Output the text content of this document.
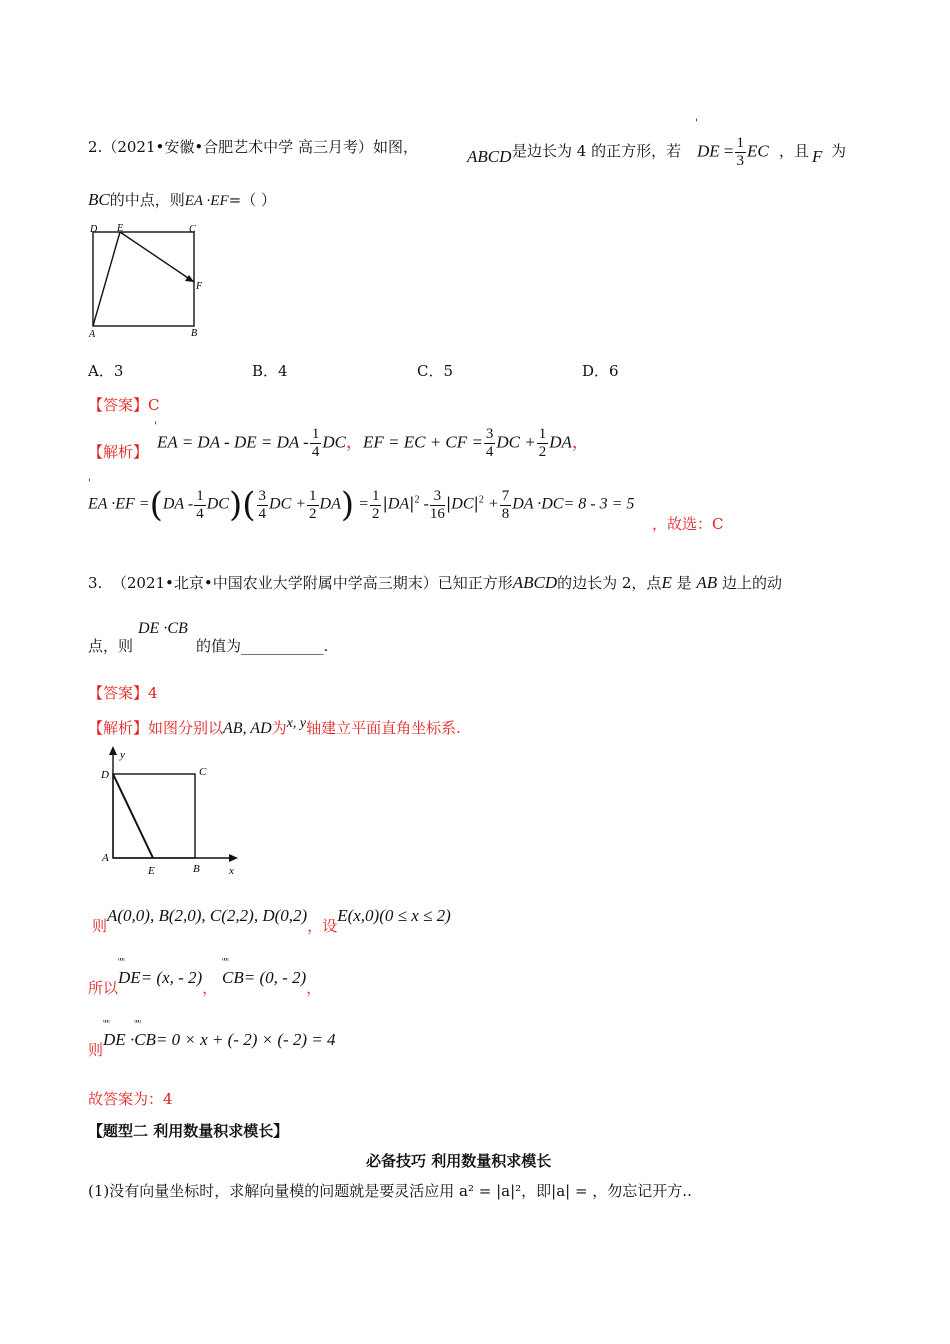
2.（2021•安徽•合肥艺术中学 高三月考）如图，	ABCD 是边长为 4 的正方形，若
'
DE = $\frac{1}{3}$ EC ，且 F 为
BC的中点，则EA ·EF=（ ）
D E	C
F
A	B
A．3	B．4	C．5	D．6
【答案】C
【解析】
'
EA = DA - DE = DA - $\frac{1}{4}$ DC，EF = EC + CF = $\frac{3}{4}$ DC + $\frac{1}{2}$ DA，
'
EA $\cdot EF =(DA - \frac{1}{4} DC)( \frac{3}{4}$ DC + $\frac{1}{2} DA) = \frac{1}{2} |DA|^2 - \frac{3}{16} |DC|^2 + \frac{7}{8}$ DA ·DC= 8 - 3 = 5
，故选：C
3. （2021•北京•中国农业大学附属中学高三期末）已知正方形ABCD的边长为 2，点E 是 AB 边上的动
点，则
DE ·CB
的值为___________.
【答案】4
【解析】如图分别以AB, AD为x, y轴建立平面直角坐标系.
y
D	C
A
E	B	x
则A(0,0), B(2,0), C(2,2), D(0,2)，设E(x,0)(0 ≤ x ≤ 2)
所以ᵘᵘᵘ DE= (x, - 2)， ᵘᵘᵘ CB= (0, - 2)，
则ᵘᵘᵘ DE ·ᵘᵘᵘ CB= 0 × x + (- 2) × (- 2) = 4
故答案为：4
【题型二 利用数量积求模长】
必备技巧 利用数量积求模长
(1)没有向量坐标时，求解向量模的问题就是要灵活应用 a² = |a|²，即|a| = ，勿忘记开方..
